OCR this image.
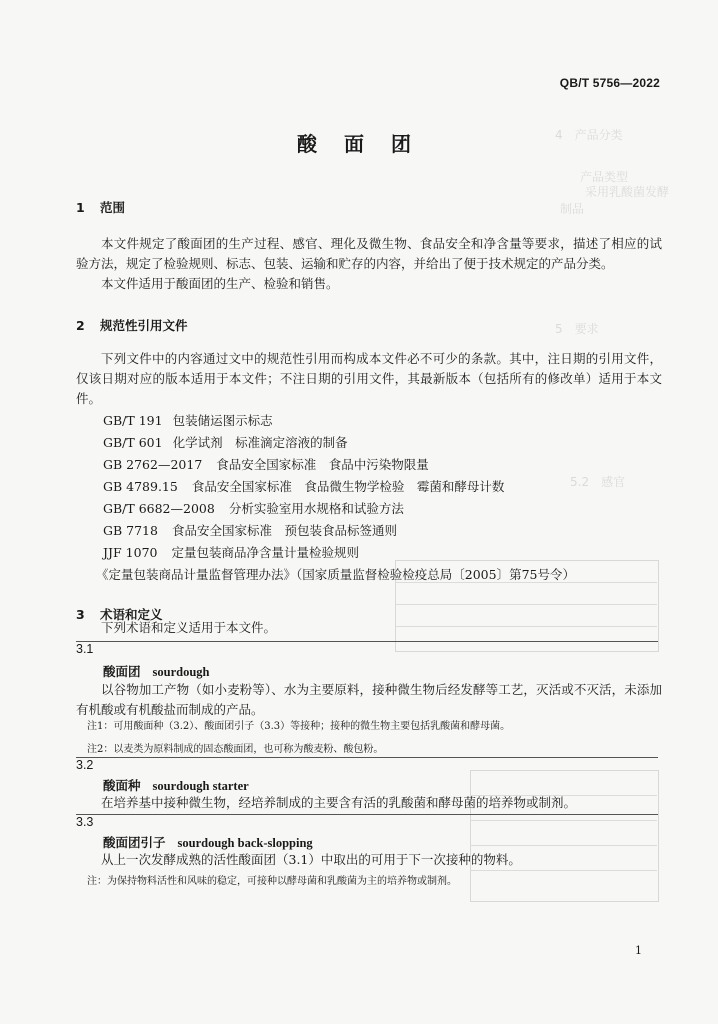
4　产品分类
产品类型
采用乳酸菌发酵
制品
5　要求
5.2　感官
QB/T 5756—2022
酸 面 团
1 范围
本文件规定了酸面团的生产过程、感官、理化及微生物、食品安全和净含量等要求，描述了相应的试验方法，规定了检验规则、标志、包装、运输和贮存的内容，并给出了便于技术规定的产品分类。
本文件适用于酸面团的生产、检验和销售。
2 规范性引用文件
下列文件中的内容通过文中的规范性引用而构成本文件必不可少的条款。其中，注日期的引用文件，仅该日期对应的版本适用于本文件；不注日期的引用文件，其最新版本（包括所有的修改单）适用于本文件。
GB/T 191 包装储运图示标志
GB/T 601 化学试剂　标准滴定溶液的制备
GB 2762—2017 食品安全国家标准　食品中污染物限量
GB 4789.15 食品安全国家标准　食品微生物学检验　霉菌和酵母计数
GB/T 6682—2008 分析实验室用水规格和试验方法
GB 7718 食品安全国家标准　预包装食品标签通则
JJF 1070 定量包装商品净含量计量检验规则
《定量包装商品计量监督管理办法》（国家质量监督检验检疫总局〔2005〕第75号令）
3 术语和定义
下列术语和定义适用于本文件。
3.1
酸面团 sourdough
以谷物加工产物（如小麦粉等）、水为主要原料，接种微生物后经发酵等工艺，灭活或不灭活，未添加有机酸或有机酸盐而制成的产品。
注1：可用酸面种（3.2）、酸面团引子（3.3）等接种；接种的微生物主要包括乳酸菌和酵母菌。
注2：以麦类为原料制成的固态酸面团，也可称为酸麦粉、酸包粉。
3.2
酸面种 sourdough starter
在培养基中接种微生物，经培养制成的主要含有活的乳酸菌和酵母菌的培养物或制剂。
3.3
酸面团引子 sourdough back-slopping
从上一次发酵成熟的活性酸面团（3.1）中取出的可用于下一次接种的物料。
注：为保持物料活性和风味的稳定，可接种以酵母菌和乳酸菌为主的培养物或制剂。
1
